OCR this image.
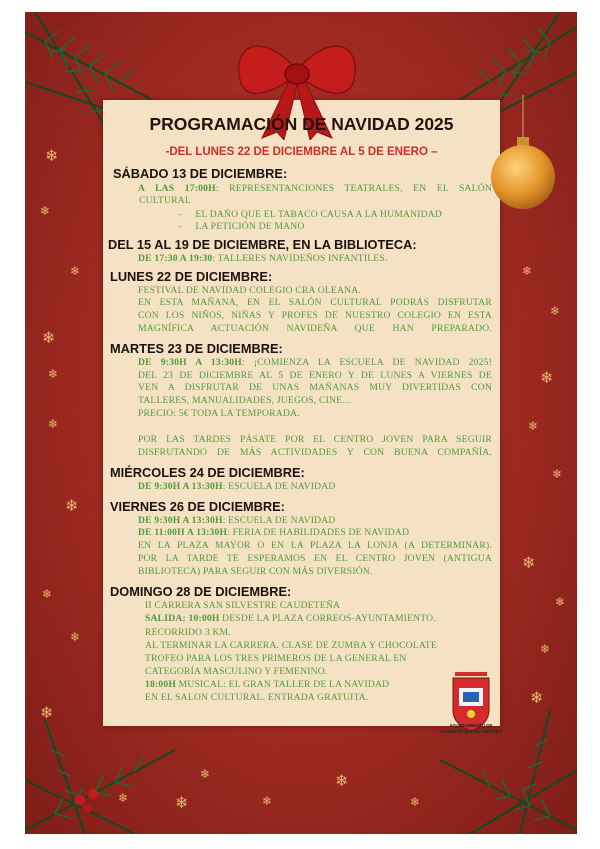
❄
❄
❄
❄
❄
❄
❄
❄
❄
❄
❄
❄
❄
❄
❄
❄
❄
❄
❄
❄
❄
❄
❄
❄	❄
PROGRAMACIÓN DE NAVIDAD 2025
-DEL LUNES 22 DE DICIEMBRE AL 5 DE ENERO –
SÁBADO 13 DE DICIEMBRE:
A LAS 17:00H: REPRESENTANCIONES TEATRALES, EN EL SALÓN
CULTURAL
- EL DAÑO QUE EL TABACO CAUSA A LA HUMANIDAD
- LA PETICIÓN DE MANO
DEL 15 AL 19 DE DICIEMBRE, EN LA BIBLIOTECA:
DE 17:30 A 19:30: TALLERES NAVIDEÑOS INFANTILES.
LUNES 22 DE DICIEMBRE:
FESTIVAL DE NAVIDAD COLEGIO CRA OLEANA.
EN ESTA MAÑANA, EN EL SALÓN CULTURAL PODRÁS DISFRUTAR
CON LOS NIÑOS, NIÑAS Y PROFES DE NUESTRO COLEGIO EN ESTA
MAGNÍFICA ACTUACIÓN NAVIDEÑA QUE HAN PREPARADO.
MARTES 23 DE DICIEMBRE:
DE 9:30H A 13:30H: ¡COMIENZA LA ESCUELA DE NAVIDAD 2025!
DEL 23 DE DICIEMBRE AL 5 DE ENERO Y DE LUNES A VIERNES DE
VEN A DISFRUTAR DE UNAS MAÑANAS MUY DIVERTIDAS CON
TALLERES, MANUALIDADES, JUEGOS, CINE…
PRECIO: 5€ TODA LA TEMPORADA.
POR LAS TARDES PÁSATE POR EL CENTRO JOVEN PARA SEGUIR
DISFRUTANDO DE MÁS ACTIVIDADES Y CON BUENA COMPAÑÍA.
MIÉRCOLES 24 DE DICIEMBRE:
DE 9:30H A 13:30H: ESCUELA DE NAVIDAD
VIERNES 26 DE DICIEMBRE:
DE 9:30H A 13:30H: ESCUELA DE NAVIDAD
DE 11:00H A 13:30H: FERIA DE HABILIDADES DE NAVIDAD
EN LA PLAZA MAYOR O EN LA PLAZA LA LONJA (A DETERMINAR).
POR LA TARDE TE ESPERAMOS EN EL CENTRO JOVEN (ANTIGUA
BIBLIOTECA) PARA SEGUIR CON MÁS DIVERSIÓN.
DOMINGO 28 DE DICIEMBRE:
II CARRERA SAN SILVESTRE CAUDETEÑA
SALIDA: 10:00H DESDE LA PLAZA CORREOS-AYUNTAMIENTO.
RECORRIDO 3 KM.
AL TERMINAR LA CARRERA. CLASE DE ZUMBA Y CHOCOLATE
TROFEO PARA LOS TRES PRIMEROS DE LA GENERAL EN
CATEGORÍA MASCULINO Y FEMENINO.
18:00H MUSICAL: EL GRAN TALLER DE LA NAVIDAD
EN EL SALON CULTURAL. ENTRADA GRATUITA.
AYUNTAMIENTO DE
CAUDETE DE LAS FUENTES
